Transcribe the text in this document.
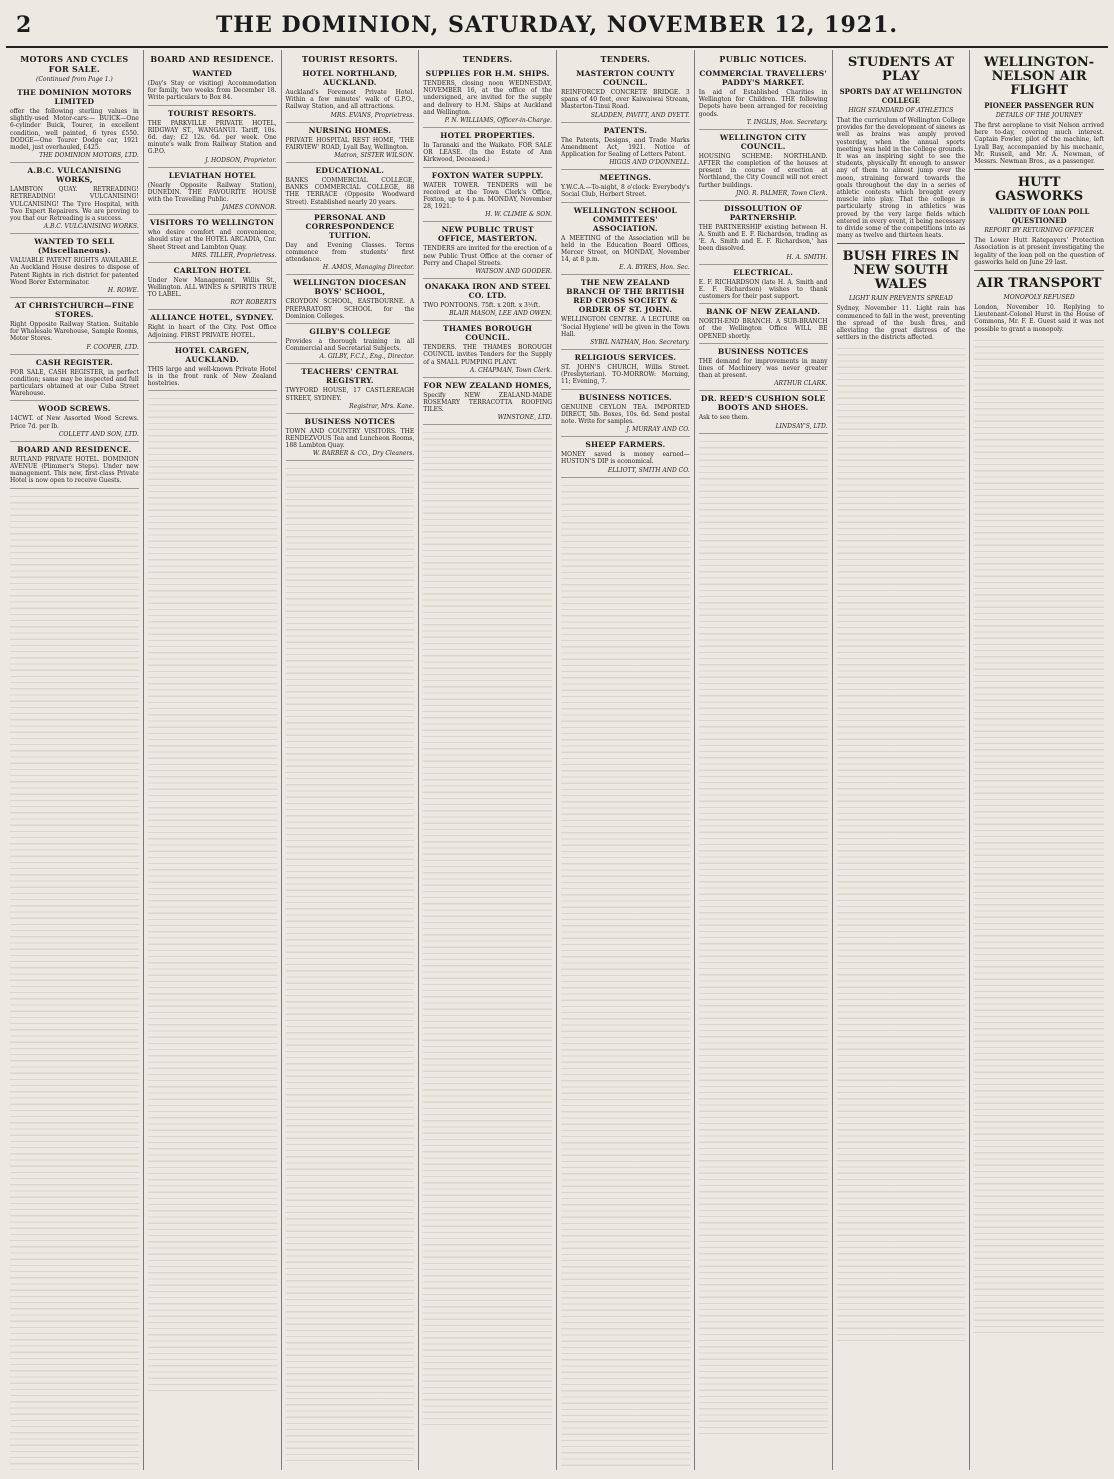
2	THE DOMINION, SATURDAY, NOVEMBER 12, 1921.
MOTORS AND CYCLES FOR SALE.
(Continued from Page 1.)
THE DOMINION MOTORS LIMITED
offer the following sterling values in slightly-used Motor-cars:— BUICK—One 6-cylinder Buick, Tourer, in excellent condition, well painted, 6 tyres £550. DODGE—One Tourer Dodge car, 1921 model, just overhauled, £425.
THE DOMINION MOTORS, LTD.
A.B.C. VULCANISING WORKS,
LAMBTON QUAY. RETREADING! RETREADING! VULCANISING! VULCANISING! The Tyre Hospital, with Two Expert Repairers. We are proving to you that our Retreading is a success.
A.B.C. VULCANISING WORKS.
WANTED TO SELL (Miscellaneous).
VALUABLE PATENT RIGHTS AVAILABLE. An Auckland House desires to dispose of Patent Rights in rich district for patented Wood Borer Exterminator.
H. ROWE.
AT CHRISTCHURCH—FINE STORES.
Right Opposite Railway Station. Suitable for Wholesale Warehouse, Sample Rooms, Motor Stores.
F. COOPER, LTD.
CASH REGISTER.
FOR SALE, CASH REGISTER, in perfect condition; same may be inspected and full particulars obtained at our Cuba Street Warehouse.
WOOD SCREWS.
14CWT. of New Assorted Wood Screws. Price 7d. per lb.
COLLETT AND SON, LTD.
BOARD AND RESIDENCE.
RUTLAND PRIVATE HOTEL. DOMINION AVENUE (Plimmer's Steps). Under new management. This new, first-class Private Hotel is now open to receive Guests.
BOARD AND RESIDENCE.
WANTED
(Day's Stay or visiting) Accommodation for family, two weeks from December 18. Write particulars to Box 84.
TOURIST RESORTS.
THE PARKVILLE PRIVATE HOTEL, RIDGWAY ST., WANGANUI. Tariff, 10s. 6d. day; £2 12s. 6d. per week. One minute's walk from Railway Station and G.P.O.
J. HODSON, Proprietor.
LEVIATHAN HOTEL
(Nearly Opposite Railway Station), DUNEDIN. THE FAVOURITE HOUSE with the Travelling Public.
JAMES CONNOR.
VISITORS TO WELLINGTON
who desire comfort and convenience, should stay at the HOTEL ARCADIA, Cnr. Sheet Street and Lambton Quay.
MRS. TILLER, Proprietress.
CARLTON HOTEL
Under New Management. Willis St., Wellington. ALL WINES & SPIRITS TRUE TO LABEL.
ROY ROBERTS
ALLIANCE HOTEL, SYDNEY.
Right in heart of the City. Post Office Adjoining. FIRST PRIVATE HOTEL.
HOTEL CARGEN, AUCKLAND.
THIS large and well-known Private Hotel is in the front rank of New Zealand hostelries.
TOURIST RESORTS.
HOTEL NORTHLAND, AUCKLAND.
Auckland's Foremost Private Hotel. Within a few minutes' walk of G.P.O., Railway Station, and all attractions.
MRS. EVANS, Proprietress.
NURSING HOMES.
PRIVATE HOSPITAL REST HOME, 'THE FAIRVIEW' ROAD, Lyall Bay, Wellington.
Matron, SISTER WILSON.
EDUCATIONAL.
BANKS COMMERCIAL COLLEGE, BANKS COMMERCIAL COLLEGE, 88 THE TERRACE (Opposite Woodward Street). Established nearly 20 years.
PERSONAL AND CORRESPONDENCE TUITION.
Day and Evening Classes. Terms commence from students' first attendance.
H. AMOS, Managing Director.
WELLINGTON DIOCESAN BOYS' SCHOOL,
CROYDON SCHOOL, EASTBOURNE. A PREPARATORY SCHOOL for the Dominion Colleges.
GILBY'S COLLEGE
Provides a thorough training in all Commercial and Secretarial Subjects.
A. GILBY, F.C.I., Eng., Director.
TEACHERS' CENTRAL REGISTRY.
TWYFORD HOUSE, 17 CASTLEREAGH STREET, SYDNEY.
Registrar, Mrs. Kane.
BUSINESS NOTICES
TOWN AND COUNTRY VISITORS. THE RENDEZVOUS Tea and Luncheon Rooms, 188 Lambton Quay.
W. BARBER & CO., Dry Cleaners.
TENDERS.
SUPPLIES FOR H.M. SHIPS.
TENDERS, closing noon WEDNESDAY, NOVEMBER 16, at the office of the undersigned, are invited for the supply and delivery to H.M. Ships at Auckland and Wellington.
P. N. WILLIAMS, Officer-in-Charge.
HOTEL PROPERTIES.
In Taranaki and the Waikato. FOR SALE OR LEASE. (In the Estate of Ann Kirkwood, Deceased.)
FOXTON WATER SUPPLY.
WATER TOWER. TENDERS will be received at the Town Clerk's Office, Foxton, up to 4 p.m. MONDAY, November 28, 1921.
H. W. CLIMIE & SON.
NEW PUBLIC TRUST OFFICE, MASTERTON.
TENDERS are invited for the erection of a new Public Trust Office at the corner of Perry and Chapel Streets.
WATSON AND GOODER.
ONAKAKA IRON AND STEEL CO. LTD.
TWO PONTOONS. 75ft. x 20ft. x 3½ft.
BLAIR MASON, LEE AND OWEN.
THAMES BOROUGH COUNCIL.
TENDERS. THE THAMES BOROUGH COUNCIL invites Tenders for the Supply of a SMALL PUMPING PLANT.
A. CHAPMAN, Town Clerk.
FOR NEW ZEALAND HOMES,
Specify NEW ZEALAND-MADE ROSEMARY TERRACOTTA ROOFING TILES.
WINSTONE, LTD.
TENDERS.
MASTERTON COUNTY COUNCIL.
REINFORCED CONCRETE BRIDGE. 3 spans of 40 feet, over Kaiwaiwai Stream, Masterton-Tinui Road.
SLADDEN, PAVITT, AND DYETT.
PATENTS.
The Patents, Designs, and Trade Marks Amendment Act, 1921. Notice of Application for Sealing of Letters Patent.
HIGGS AND O'DONNELL.
MEETINGS.
Y.W.C.A.—To-night, 8 o'clock: Everybody's Social Club, Herbert Street.
WELLINGTON SCHOOL COMMITTEES' ASSOCIATION.
A MEETING of the Association will be held in the Education Board Offices, Mercer Street, on MONDAY, November 14, at 8 p.m.
E. A. BYRES, Hon. Sec.
THE NEW ZEALAND BRANCH OF THE BRITISH RED CROSS SOCIETY & ORDER OF ST. JOHN.
WELLINGTON CENTRE. A LECTURE on 'Social Hygiene' will be given in the Town Hall.
SYBIL NATHAN, Hon. Secretary.
RELIGIOUS SERVICES.
ST. JOHN'S CHURCH, Willis Street. (Presbyterian). TO-MORROW: Morning, 11; Evening, 7.
BUSINESS NOTICES.
GENUINE CEYLON TEA. IMPORTED DIRECT, 5lb. Boxes, 10s. 6d. Send postal note. Write for samples.
J. MURRAY AND CO.
SHEEP FARMERS.
MONEY saved is money earned—HUSTON'S DIP is economical.
ELLIOTT, SMITH AND CO.
PUBLIC NOTICES.
COMMERCIAL TRAVELLERS' PADDY'S MARKET.
In aid of Established Charities in Wellington for Children. THE following Depots have been arranged for receiving goods.
T. INGLIS, Hon. Secretary.
WELLINGTON CITY COUNCIL.
HOUSING SCHEME: NORTHLAND. AFTER the completion of the houses at present in course of erection at Northland, the City Council will not erect further buildings.
JNO. R. PALMER, Town Clerk.
DISSOLUTION OF PARTNERSHIP.
THE PARTNERSHIP existing between H. A. Smith and E. F. Richardson, trading as 'E. A. Smith and E. F. Richardson,' has been dissolved.
H. A. SMITH.
ELECTRICAL.
E. F. RICHARDSON (late H. A. Smith and E. F. Richardson) wishes to thank customers for their past support.
BANK OF NEW ZEALAND.
NORTH-END BRANCH. A SUB-BRANCH of the Wellington Office WILL BE OPENED shortly.
BUSINESS NOTICES
THE demand for improvements in many lines of Machinery was never greater than at present.
ARTHUR CLARK.
DR. REED'S CUSHION SOLE BOOTS AND SHOES.
Ask to see them.
LINDSAY'S, LTD.
STUDENTS AT PLAY
SPORTS DAY AT WELLINGTON COLLEGE
HIGH STANDARD OF ATHLETICS
That the curriculum of Wellington College provides for the development of sinews as well as brains was amply proved yesterday, when the annual sports meeting was held in the College grounds. It was an inspiring sight to see the students, physically fit enough to answer any of them to almost jump over the moon, straining forward towards the goals throughout the day in a series of athletic contests which brought every muscle into play. That the college is particularly strong in athletics was proved by the very large fields which entered in every event, it being necessary to divide some of the competitions into as many as twelve and thirteen heats.
BUSH FIRES IN NEW SOUTH WALES
LIGHT RAIN PREVENTS SPREAD
Sydney, November 11. Light rain has commenced to fall in the west, preventing the spread of the bush fires, and alleviating the great distress of the settlers in the districts affected.
WELLINGTON-NELSON AIR FLIGHT
PIONEER PASSENGER RUN
DETAILS OF THE JOURNEY
The first aeroplane to visit Nelson arrived here to-day, covering much interest. Captain Fowler, pilot of the machine, left Lyall Bay, accompanied by his mechanic, Mr. Russell, and Mr. A. Newman, of Messrs. Newman Bros., as a passenger.
HUTT GASWORKS
VALIDITY OF LOAN POLL QUESTIONED
REPORT BY RETURNING OFFICER
The Lower Hutt Ratepayers' Protection Association is at present investigating the legality of the loan poll on the question of gasworks held on June 29 last.
AIR TRANSPORT
MONOPOLY REFUSED
London, November 10. Replying to Lieutenant-Colonel Hurst in the House of Commons, Mr. F. E. Guest said it was not possible to grant a monopoly.
